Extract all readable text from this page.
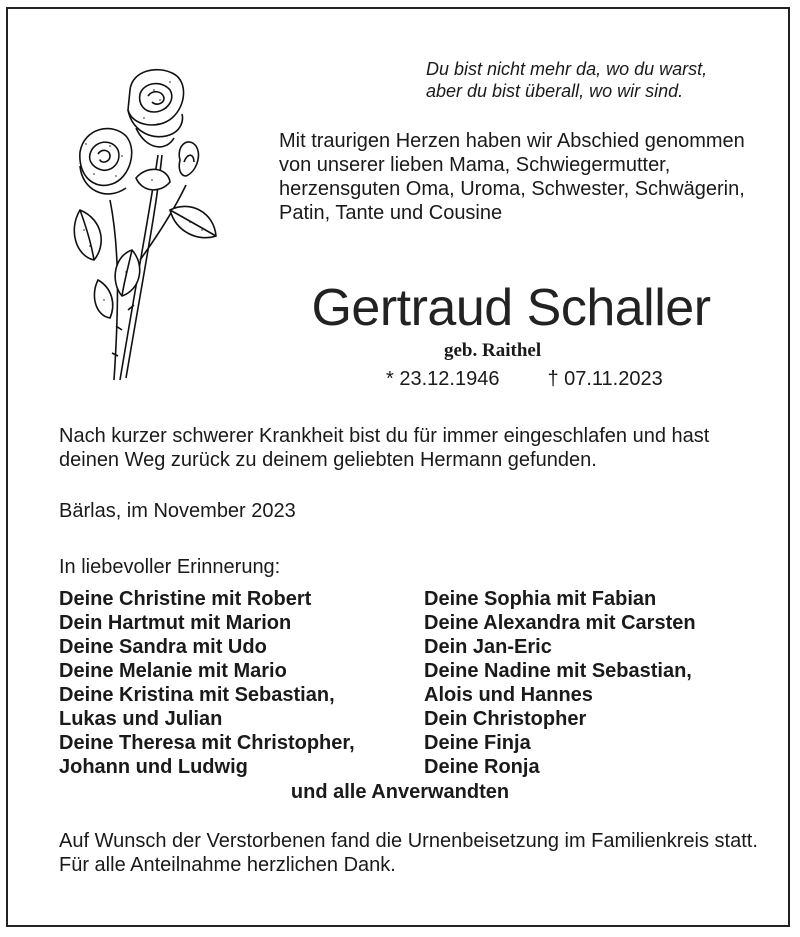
Du bist nicht mehr da, wo du warst,
aber du bist überall, wo wir sind.
Mit traurigen Herzen haben wir Abschied genommen von unserer lieben Mama, Schwiegermutter, herzensguten Oma, Uroma, Schwester, Schwägerin, Patin, Tante und Cousine
Gertraud Schaller
geb. Raithel
* 23.12.1946 † 07.11.2023
Nach kurzer schwerer Krankheit bist du für immer eingeschlafen und hast deinen Weg zurück zu deinem geliebten Hermann gefunden.
Bärlas, im November 2023
In liebevoller Erinnerung:
Deine Christine mit Robert
Dein Hartmut mit Marion
Deine Sandra mit Udo
Deine Melanie mit Mario
Deine Kristina mit Sebastian,
Lukas und Julian
Deine Theresa mit Christopher,
Johann und Ludwig
Deine Sophia mit Fabian
Deine Alexandra mit Carsten
Dein Jan-Eric
Deine Nadine mit Sebastian,
Alois und Hannes
Dein Christopher
Deine Finja
Deine Ronja
und alle Anverwandten
Auf Wunsch der Verstorbenen fand die Urnenbeisetzung im Familienkreis statt. Für alle Anteilnahme herzlichen Dank.
